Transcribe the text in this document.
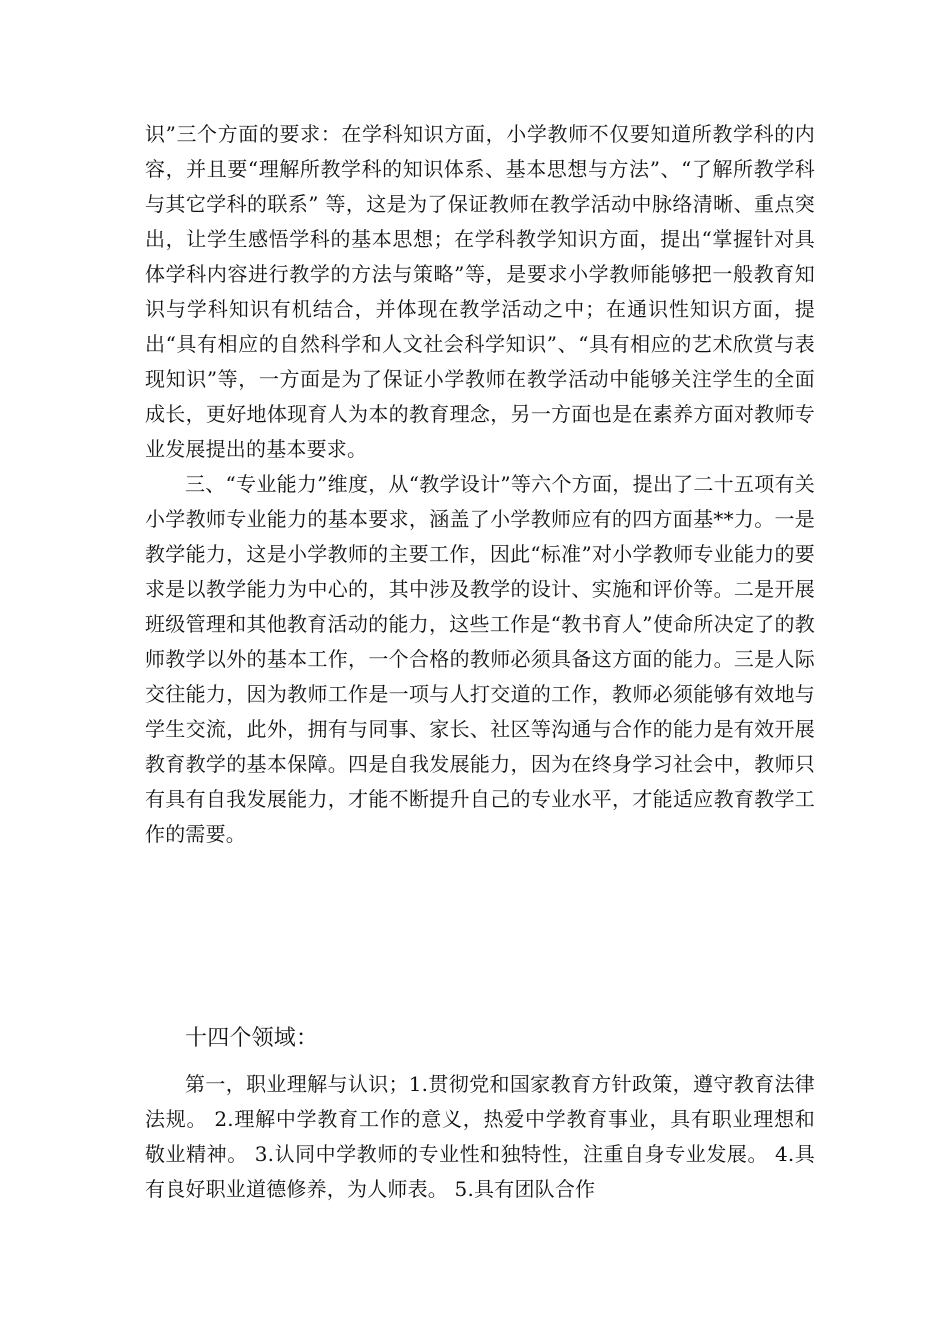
识”三个方面的要求：在学科知识方面，小学教师不仅要知道所教学科的内容，并且要“理解所教学科的知识体系、基本思想与方法”、“了解所教学科与其它学科的联系” 等，这是为了保证教师在教学活动中脉络清晰、重点突出，让学生感悟学科的基本思想；在学科教学知识方面，提出“掌握针对具体学科内容进行教学的方法与策略”等，是要求小学教师能够把一般教育知识与学科知识有机结合，并体现在教学活动之中；在通识性知识方面，提出“具有相应的自然科学和人文社会科学知识”、“具有相应的艺术欣赏与表现知识”等，一方面是为了保证小学教师在教学活动中能够关注学生的全面成长，更好地体现育人为本的教育理念，另一方面也是在素养方面对教师专业发展提出的基本要求。

三、“专业能力”维度，从“教学设计”等六个方面，提出了二十五项有关小学教师专业能力的基本要求，涵盖了小学教师应有的四方面基**力。一是教学能力，这是小学教师的主要工作，因此“标准”对小学教师专业能力的要求是以教学能力为中心的，其中涉及教学的设计、实施和评价等。二是开展班级管理和其他教育活动的能力，这些工作是“教书育人”使命所决定了的教师教学以外的基本工作，一个合格的教师必须具备这方面的能力。三是人际交往能力，因为教师工作是一项与人打交道的工作，教师必须能够有效地与学生交流，此外，拥有与同事、家长、社区等沟通与合作的能力是有效开展教育教学的基本保障。四是自我发展能力，因为在终身学习社会中，教师只有具有自我发展能力，才能不断提升自己的专业水平，才能适应教育教学工作的需要。

十四个领域：

第一，职业理解与认识；1.贯彻党和国家教育方针政策，遵守教育法律法规。 2.理解中学教育工作的意义，热爱中学教育事业，具有职业理想和敬业精神。 3.认同中学教师的专业性和独特性，注重自身专业发展。 4.具有良好职业道德修养，为人师表。 5.具有团队合作
